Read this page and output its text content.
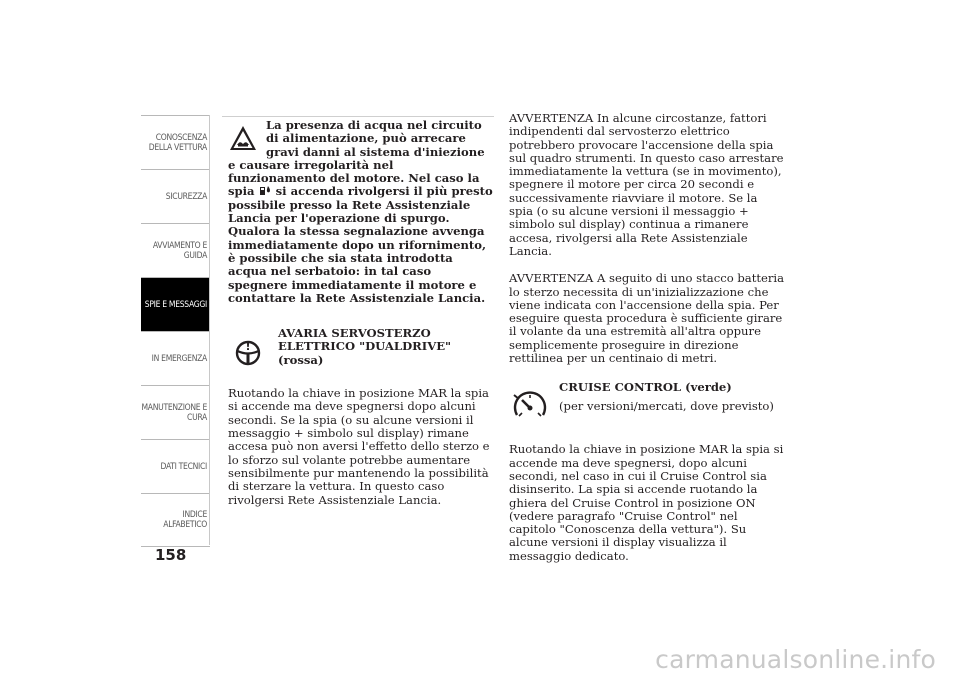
CONOSCENZA
DELLA VETTURA
SICUREZZA
AVVIAMENTO E
GUIDA
SPIE E MESSAGGI
IN EMERGENZA
MANUTENZIONE E
CURA
DATI TECNICI
INDICE
ALFABETICO
158
La presenza di acqua nel circuito di alimentazione, può arrecare gravi danni al sistema d'iniezione e causare irregolarità nel funzionamento del motore. Nel caso la spia si accenda rivolgersi il più presto possibile presso la Rete Assistenziale Lancia per l'operazione di spurgo. Qualora la stessa segnalazione avvenga immediatamente dopo un rifornimento, è possibile che sia stata introdotta acqua nel serbatoio: in tal caso spegnere immediatamente il motore e contattare la Rete Assistenziale Lancia.
!
AVARIA SERVOSTERZO ELETTRICO "DUALDRIVE" (rossa)

Ruotando la chiave in posizione MAR la spia si accende ma deve spegnersi dopo alcuni secondi. Se la spia (o su alcune versioni il messaggio + simbolo sul display) rimane accesa può non aversi l'effetto dello sterzo e lo sforzo sul volante potrebbe aumentare sensibilmente pur mantenendo la possibilità di sterzare la vettura. In questo caso rivolgersi Rete Assistenziale Lancia.

AVVERTENZA In alcune circostanze, fattori indipendenti dal servosterzo elettrico potrebbero provocare l'accensione della spia sul quadro strumenti. In questo caso arrestare immediatamente la vettura (se in movimento), spegnere il motore per circa 20 secondi e successivamente riavviare il motore. Se la spia (o su alcune versioni il messaggio + simbolo sul display) continua a rimanere accesa, rivolgersi alla Rete Assistenziale Lancia.

AVVERTENZA A seguito di uno stacco batteria lo sterzo necessita di un'inizializzazione che viene indicata con l'accensione della spia. Per eseguire questa procedura è sufficiente girare il volante da una estremità all'altra oppure semplicemente proseguire in direzione rettilinea per un centinaio di metri.

CRUISE CONTROL (verde)
(per versioni/mercati, dove previsto)

Ruotando la chiave in posizione MAR la spia si accende ma deve spegnersi, dopo alcuni secondi, nel caso in cui il Cruise Control sia disinserito. La spia si accende ruotando la ghiera del Cruise Control in posizione ON (vedere paragrafo "Cruise Control" nel capitolo "Conoscenza della vettura"). Su alcune versioni il display visualizza il messaggio dedicato.

carmanualsonline.info
